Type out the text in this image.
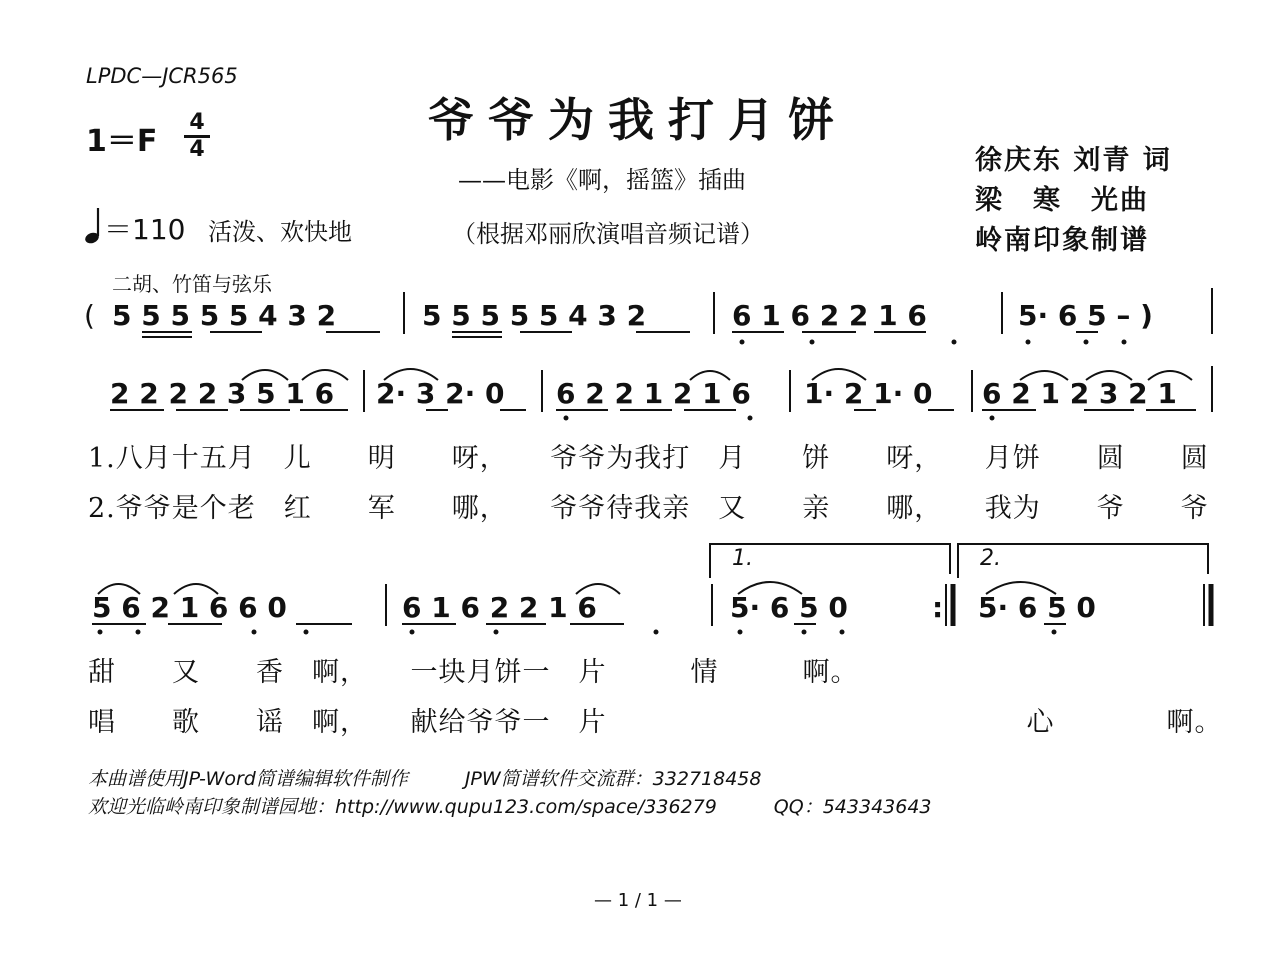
LPDC—JCR565
爷爷为我打月饼
——电影《啊，摇篮》插曲
（根据邓丽欣演唱音频记谱）
徐庆东 刘青 词
梁　寒　光曲
岭南印象制谱
1＝F
4
4
＝110 活泼、欢快地
二胡、竹笛与弦乐
( 5 5 5 5 5 4 3 2	5 5 5 5 5 4 3 2	6 1 6 2 2 1 6	5· 6 5 – )
2 2 2 2 3 5 1 6 2· 3 2· 0 6 2 2 1 2 1 6 1· 2 1· 0 6 2 1 2 3 2 1
5 6 2 1 6 6 0	6 1 6 2 2 1 6	5· 6 5 0	: 5· 6 5 0
1.	2.
1.八月十五月　儿　　明　　呀，　　爷爷为我打　月　　饼　　呀，　　月饼　　圆　　圆
2.爷爷是个老　红　　军　　哪，　　爷爷待我亲　又　　亲　　哪，　　我为　　爷　　爷
甜　　又　　香　啊，　　一块月饼一　片　　　情　　　啊。
唱　　歌　　谣　啊，　　献给爷爷一　片　　　　　　　　　　　　　　　心　　　　啊。
本曲谱使用JP-Word简谱编辑软件制作　　　JPW简谱软件交流群：332718458
欢迎光临岭南印象制谱园地：http://www.qupu123.com/space/336279　　　QQ：543343643
— 1 / 1 —
